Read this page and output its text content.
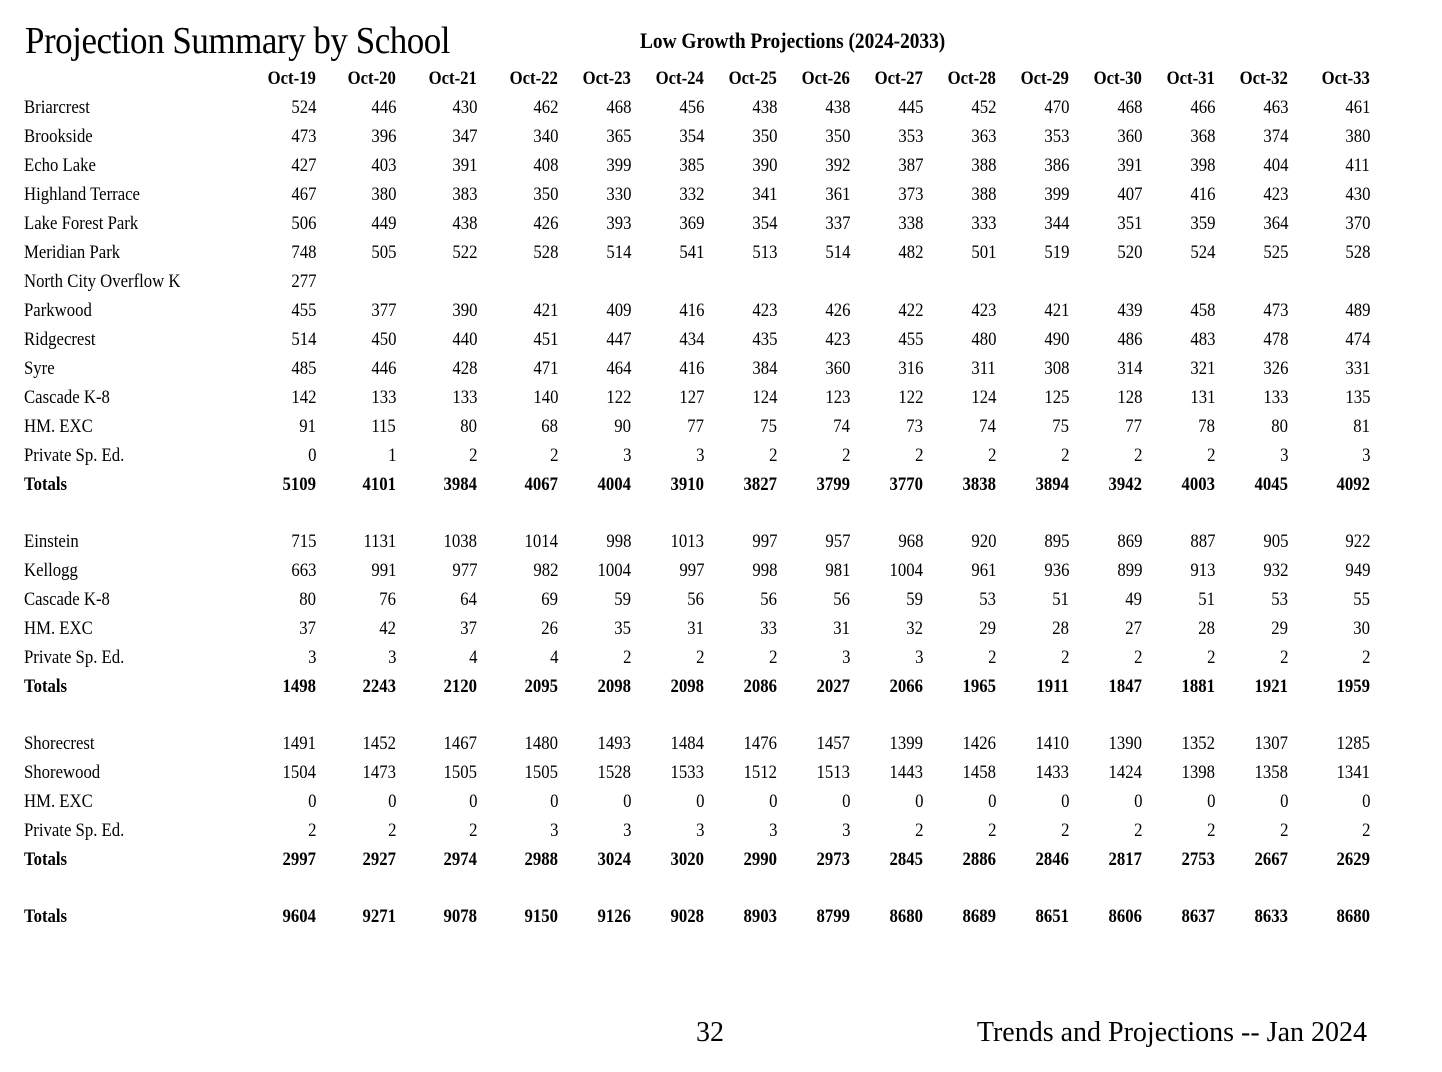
Projection Summary by School	Low Growth Projections (2024-2033)
	Oct-19	Oct-20	Oct-21	Oct-22	Oct-23	Oct-24	Oct-25	Oct-26	Oct-27	Oct-28	Oct-29	Oct-30	Oct-31	Oct-32	Oct-33
Briarcrest	524	446	430	462	468	456	438	438	445	452	470	468	466	463	461
Brookside	473	396	347	340	365	354	350	350	353	363	353	360	368	374	380
Echo Lake	427	403	391	408	399	385	390	392	387	388	386	391	398	404	411
Highland Terrace	467	380	383	350	330	332	341	361	373	388	399	407	416	423	430
Lake Forest Park	506	449	438	426	393	369	354	337	338	333	344	351	359	364	370
Meridian Park	748	505	522	528	514	541	513	514	482	501	519	520	524	525	528
North City Overflow K	277														
Parkwood	455	377	390	421	409	416	423	426	422	423	421	439	458	473	489
Ridgecrest	514	450	440	451	447	434	435	423	455	480	490	486	483	478	474
Syre	485	446	428	471	464	416	384	360	316	311	308	314	321	326	331
Cascade K-8	142	133	133	140	122	127	124	123	122	124	125	128	131	133	135
HM. EXC	91	115	80	68	90	77	75	74	73	74	75	77	78	80	81
Private Sp. Ed.	0	1	2	2	3	3	2	2	2	2	2	2	2	3	3
Totals	5109	4101	3984	4067	4004	3910	3827	3799	3770	3838	3894	3942	4003	4045	4092

Einstein	715	1131	1038	1014	998	1013	997	957	968	920	895	869	887	905	922
Kellogg	663	991	977	982	1004	997	998	981	1004	961	936	899	913	932	949
Cascade K-8	80	76	64	69	59	56	56	56	59	53	51	49	51	53	55
HM. EXC	37	42	37	26	35	31	33	31	32	29	28	27	28	29	30
Private Sp. Ed.	3	3	4	4	2	2	2	3	3	2	2	2	2	2	2
Totals	1498	2243	2120	2095	2098	2098	2086	2027	2066	1965	1911	1847	1881	1921	1959

Shorecrest	1491	1452	1467	1480	1493	1484	1476	1457	1399	1426	1410	1390	1352	1307	1285
Shorewood	1504	1473	1505	1505	1528	1533	1512	1513	1443	1458	1433	1424	1398	1358	1341
HM. EXC	0	0	0	0	0	0	0	0	0	0	0	0	0	0	0
Private Sp. Ed.	2	2	2	3	3	3	3	3	2	2	2	2	2	2	2
Totals	2997	2927	2974	2988	3024	3020	2990	2973	2845	2886	2846	2817	2753	2667	2629

Totals	9604	9271	9078	9150	9126	9028	8903	8799	8680	8689	8651	8606	8637	8633	8680
32	Trends and Projections -- Jan 2024
